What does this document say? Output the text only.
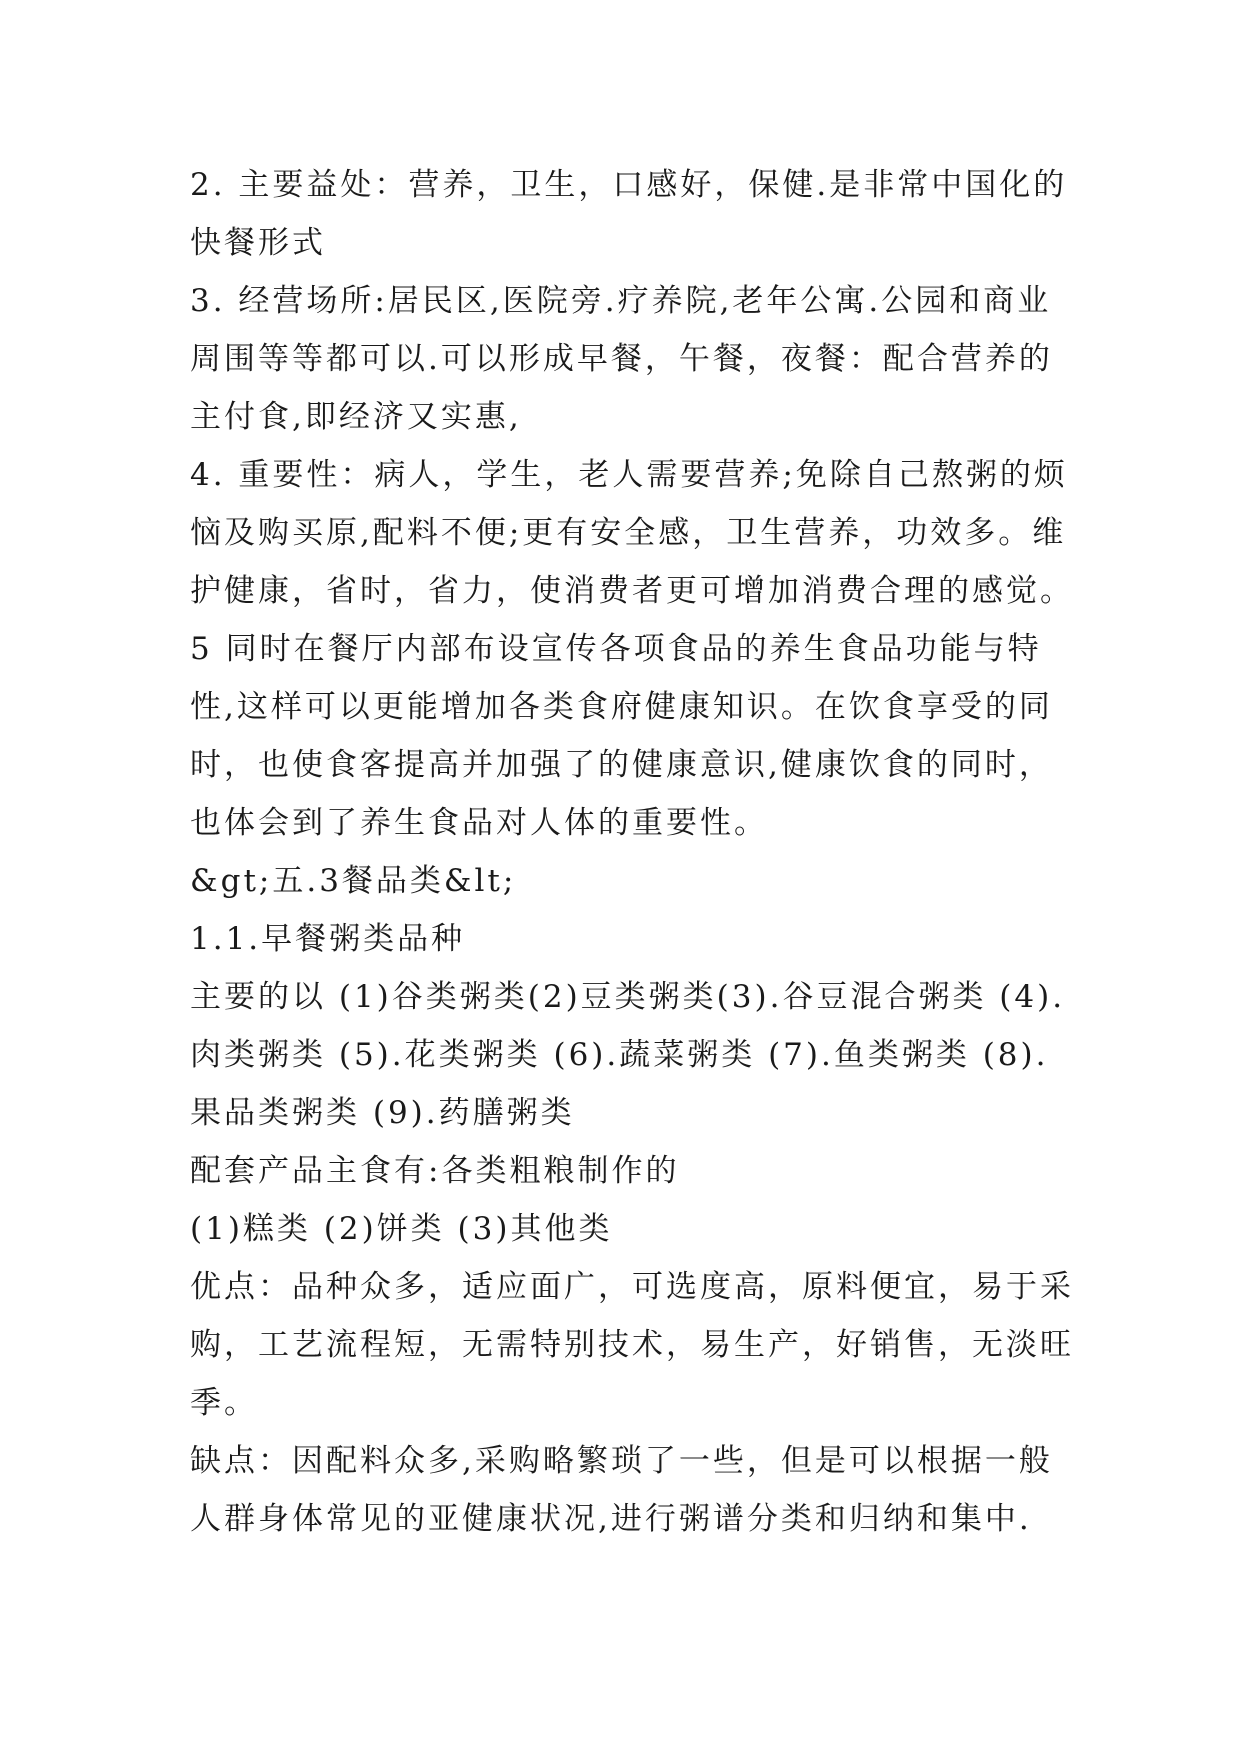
2. 主要益处：营养，卫生，口感好，保健.是非常中国化的
快餐形式
3. 经营场所:居民区,医院旁.疗养院,老年公寓.公园和商业
周围等等都可以.可以形成早餐，午餐，夜餐：配合营养的
主付食,即经济又实惠,
4. 重要性：病人，学生，老人需要营养;免除自己熬粥的烦
恼及购买原,配料不便;更有安全感，卫生营养，功效多。维
护健康，省时，省力，使消费者更可增加消费合理的感觉。
5 同时在餐厅内部布设宣传各项食品的养生食品功能与特
性,这样可以更能增加各类食府健康知识。在饮食享受的同
时，也使食客提高并加强了的健康意识,健康饮食的同时，
也体会到了养生食品对人体的重要性。
&gt;五.3餐品类&lt;
1.1.早餐粥类品种
主要的以 (1)谷类粥类(2)豆类粥类(3).谷豆混合粥类 (4).
肉类粥类 (5).花类粥类 (6).蔬菜粥类 (7).鱼类粥类 (8).
果品类粥类 (9).药膳粥类
配套产品主食有:各类粗粮制作的
(1)糕类 (2)饼类 (3)其他类
优点：品种众多，适应面广，可选度高，原料便宜，易于采
购，工艺流程短，无需特别技术，易生产，好销售，无淡旺
季。
缺点：因配料众多,采购略繁琐了一些，但是可以根据一般
人群身体常见的亚健康状况,进行粥谱分类和归纳和集中.
